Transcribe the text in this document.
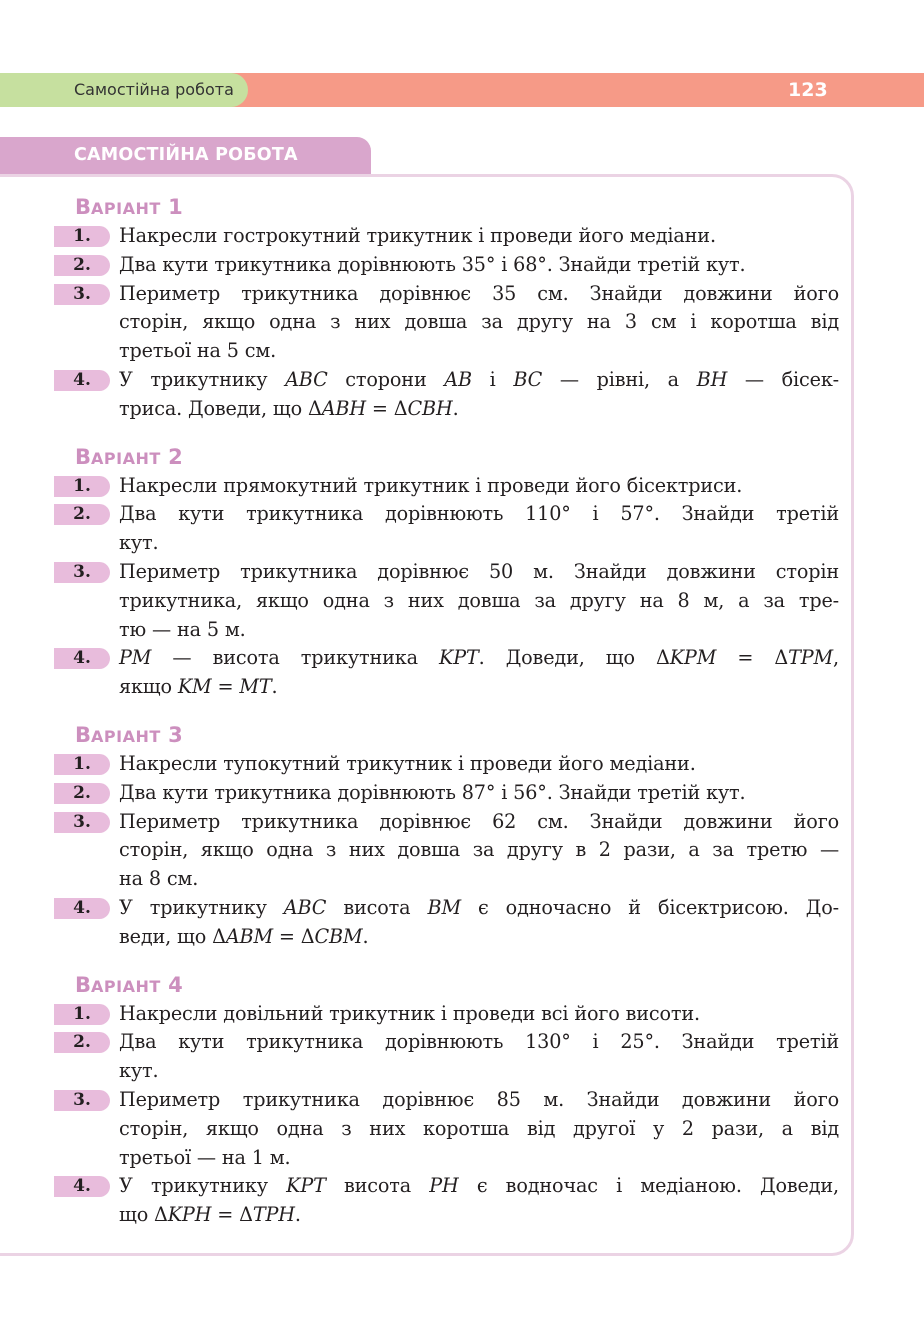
Самостійна робота	123
САМОСТІЙНА РОБОТА
ВАРІАНТ 1
1.	Накресли гострокутний трикутник і проведи його медіани.
2.	Два кути трикутника дорівнюють 35° і 68°. Знайди третій кут.
3.	Периметр трикутника дорівнює 35 см. Знайди довжини його
сторін, якщо одна з них довша за другу на 3 см і коротша від
третьої на 5 см.
4.	У трикутнику ABC сторони AB і BC — рівні, а BH — бісек-
триса. Доведи, що ΔABH = ΔCBH.
ВАРІАНТ 2
1.	Накресли прямокутний трикутник і проведи його бісектриси.
2.	Два кути трикутника дорівнюють 110° і 57°. Знайди третій
кут.
3.	Периметр трикутника дорівнює 50 м. Знайди довжини сторін
трикутника, якщо одна з них довша за другу на 8 м, а за тре-
тю — на 5 м.
4.	PM — висота трикутника KPT. Доведи, що ΔKPM = ΔTPM,
якщо KM = MT.
ВАРІАНТ 3
1.	Накресли тупокутний трикутник і проведи його медіани.
2.	Два кути трикутника дорівнюють 87° і 56°. Знайди третій кут.
3.	Периметр трикутника дорівнює 62 см. Знайди довжини його
сторін, якщо одна з них довша за другу в 2 рази, а за третю —
на 8 см.
4.	У трикутнику ABC висота BM є одночасно й бісектрисою. До-
веди, що ΔABM = ΔCBM.
ВАРІАНТ 4
1.	Накресли довільний трикутник і проведи всі його висоти.
2.	Два кути трикутника дорівнюють 130° і 25°. Знайди третій
кут.
3.	Периметр трикутника дорівнює 85 м. Знайди довжини його
сторін, якщо одна з них коротша від другої у 2 рази, а від
третьої — на 1 м.
4.	У трикутнику KPT висота PH є водночас і медіаною. Доведи,
що ΔKPH = ΔTPH.
